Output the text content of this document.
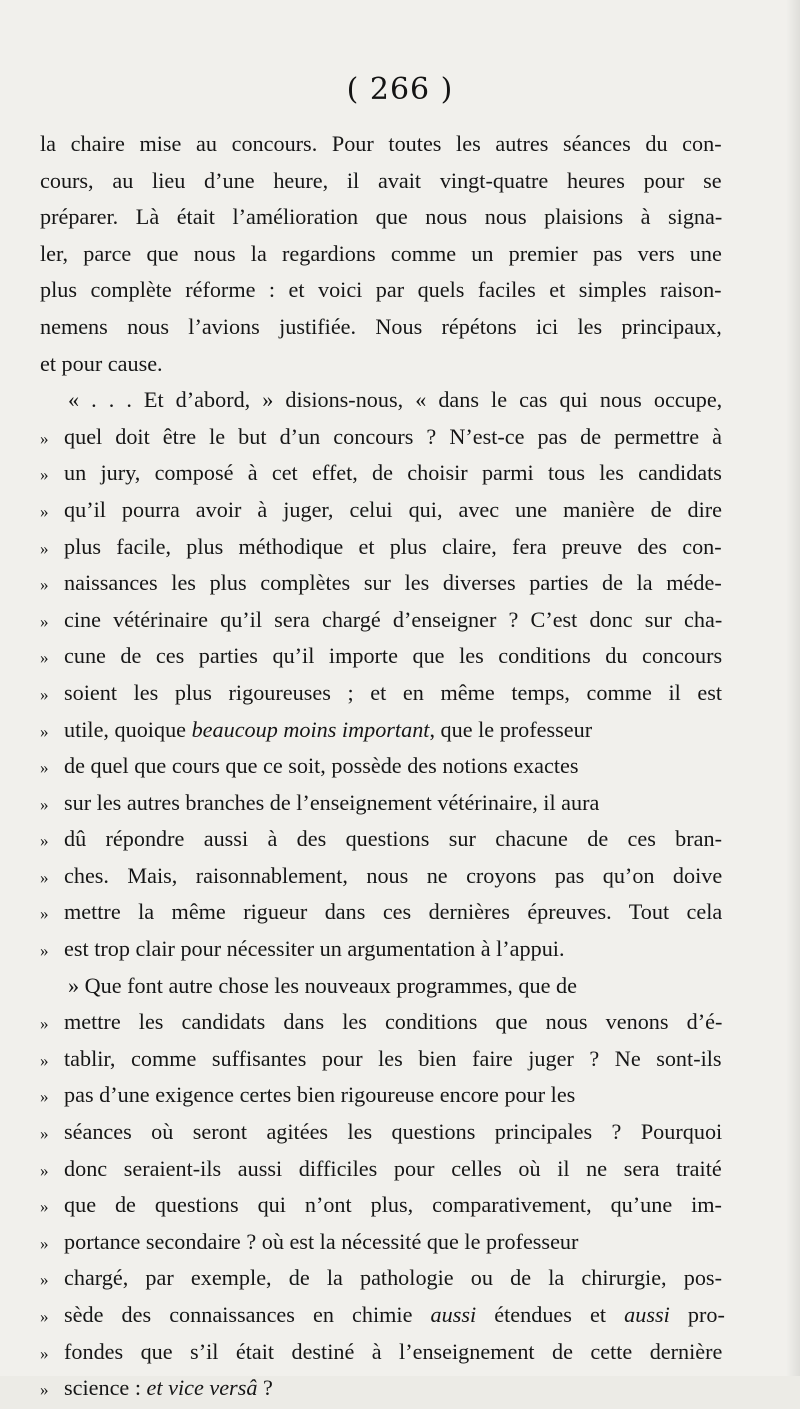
( 266 )
la chaire mise au concours. Pour toutes les autres séances du con-
cours, au lieu d’une heure, il avait vingt-quatre heures pour se
préparer. Là était l’amélioration que nous nous plaisions à signa-
ler, parce que nous la regardions comme un premier pas vers une
plus complète réforme : et voici par quels faciles et simples raison-
nemens nous l’avions justifiée. Nous répétons ici les principaux,
et pour cause.
« . . . Et d’abord, » disions-nous, « dans le cas qui nous occupe,
» quel doit être le but d’un concours ? N’est-ce pas de permettre à
» un jury, composé à cet effet, de choisir parmi tous les candidats
» qu’il pourra avoir à juger, celui qui, avec une manière de dire
» plus facile, plus méthodique et plus claire, fera preuve des con-
» naissances les plus complètes sur les diverses parties de la méde-
» cine vétérinaire qu’il sera chargé d’enseigner ? C’est donc sur cha-
» cune de ces parties qu’il importe que les conditions du concours
» soient les plus rigoureuses ; et en même temps, comme il est
» utile, quoique beaucoup moins important, que le professeur
» de quel que cours que ce soit, possède des notions exactes
» sur les autres branches de l’enseignement vétérinaire, il aura
» dû répondre aussi à des questions sur chacune de ces bran-
» ches. Mais, raisonnablement, nous ne croyons pas qu’on doive
» mettre la même rigueur dans ces dernières épreuves. Tout cela
» est trop clair pour nécessiter un argumentation à l’appui.
» Que font autre chose les nouveaux programmes, que de
» mettre les candidats dans les conditions que nous venons d’é-
» tablir, comme suffisantes pour les bien faire juger ? Ne sont-ils
» pas d’une exigence certes bien rigoureuse encore pour les
» séances où seront agitées les questions principales ? Pourquoi
» donc seraient-ils aussi difficiles pour celles où il ne sera traité
» que de questions qui n’ont plus, comparativement, qu’une im-
» portance secondaire ? où est la nécessité que le professeur
» chargé, par exemple, de la pathologie ou de la chirurgie, pos-
» sède des connaissances en chimie aussi étendues et aussi pro-
» fondes que s’il était destiné à l’enseignement de cette dernière
» science : et vice versâ ?
